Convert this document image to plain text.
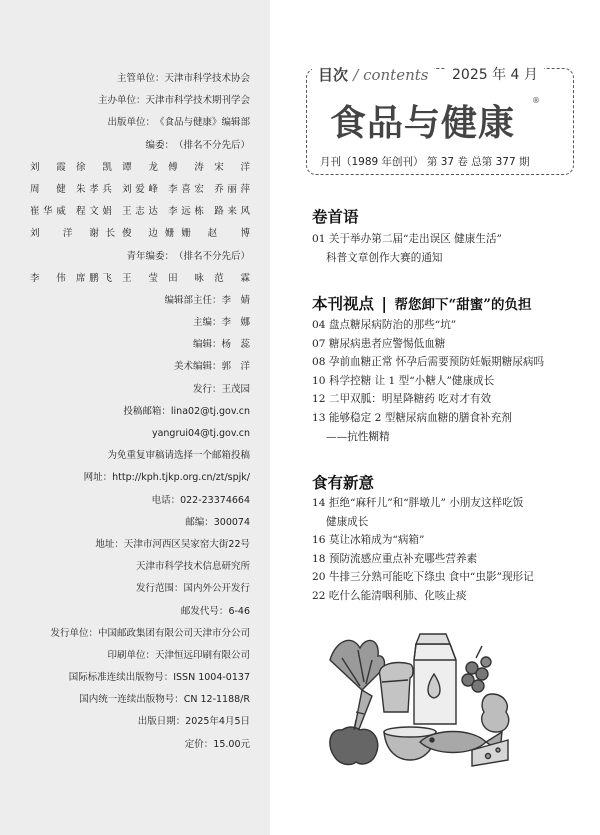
主管单位： 天津市科学技术协会
主办单位： 天津市科学技术期刊学会
出版单位： 《食品与健康》编辑部
编委： （排名不分先后）
刘　霞 徐　凯 谭　龙 傅　涛 宋　洋
周　健 朱孝兵 刘爱峰 李喜宏 乔丽萍
崔华威 程文娟 王志达 李远栋 路来风
刘　洋 谢长俊 边姗姗 赵　博
青年编委： （排名不分先后）
李　伟 席鹏飞 王　莹 田　咏 范　霖
编辑部主任： 李　婧
主编： 李　娜
编辑： 杨　蕊
美术编辑： 郭　洋
发行： 王茂园
投稿邮箱： lina02@tj.gov.cn
yangrui04@tj.gov.cn
为免重复审稿请选择一个邮箱投稿
网址： http://kph.tjkp.org.cn/zt/spjk/
电话： 022-23374664
邮编： 300074
地址： 天津市河西区吴家窑大街22号
天津市科学技术信息研究所
发行范围： 国内外公开发行
邮发代号： 6-46
发行单位： 中国邮政集团有限公司天津市分公司
印刷单位： 天津恒远印刷有限公司
国际标准连续出版物号： ISSN 1004-0137
国内统一连续出版物号： CN 12-1188/R
出版日期： 2025年4月5日
定价： 15.00元
目次 / contents	2025 年 4 月
食品与健康
®
月刊（1989 年创刊） 第 37 卷 总第 377 期
卷首语
01 关于举办第二届“走出误区 健康生活”
科普文章创作大赛的通知
本刊视点 | 帮您卸下“甜蜜”的负担
04 盘点糖尿病防治的那些“坑”
07 糖尿病患者应警惕低血糖
08 孕前血糖正常 怀孕后需要预防妊娠期糖尿病吗
10 科学控糖 让 1 型“小糖人”健康成长
12 二甲双胍：明星降糖药 吃对才有效
13 能够稳定 2 型糖尿病血糖的膳食补充剂
——抗性糊精
食有新意
14 拒绝“麻秆儿”和“胖墩儿” 小朋友这样吃饭
健康成长
16 莫让冰箱成为“病箱”
18 预防流感应重点补充哪些营养素
20 牛排三分熟可能吃下绦虫 食中“虫影”现形记
22 吃什么能清咽利肺、化咳止痰
